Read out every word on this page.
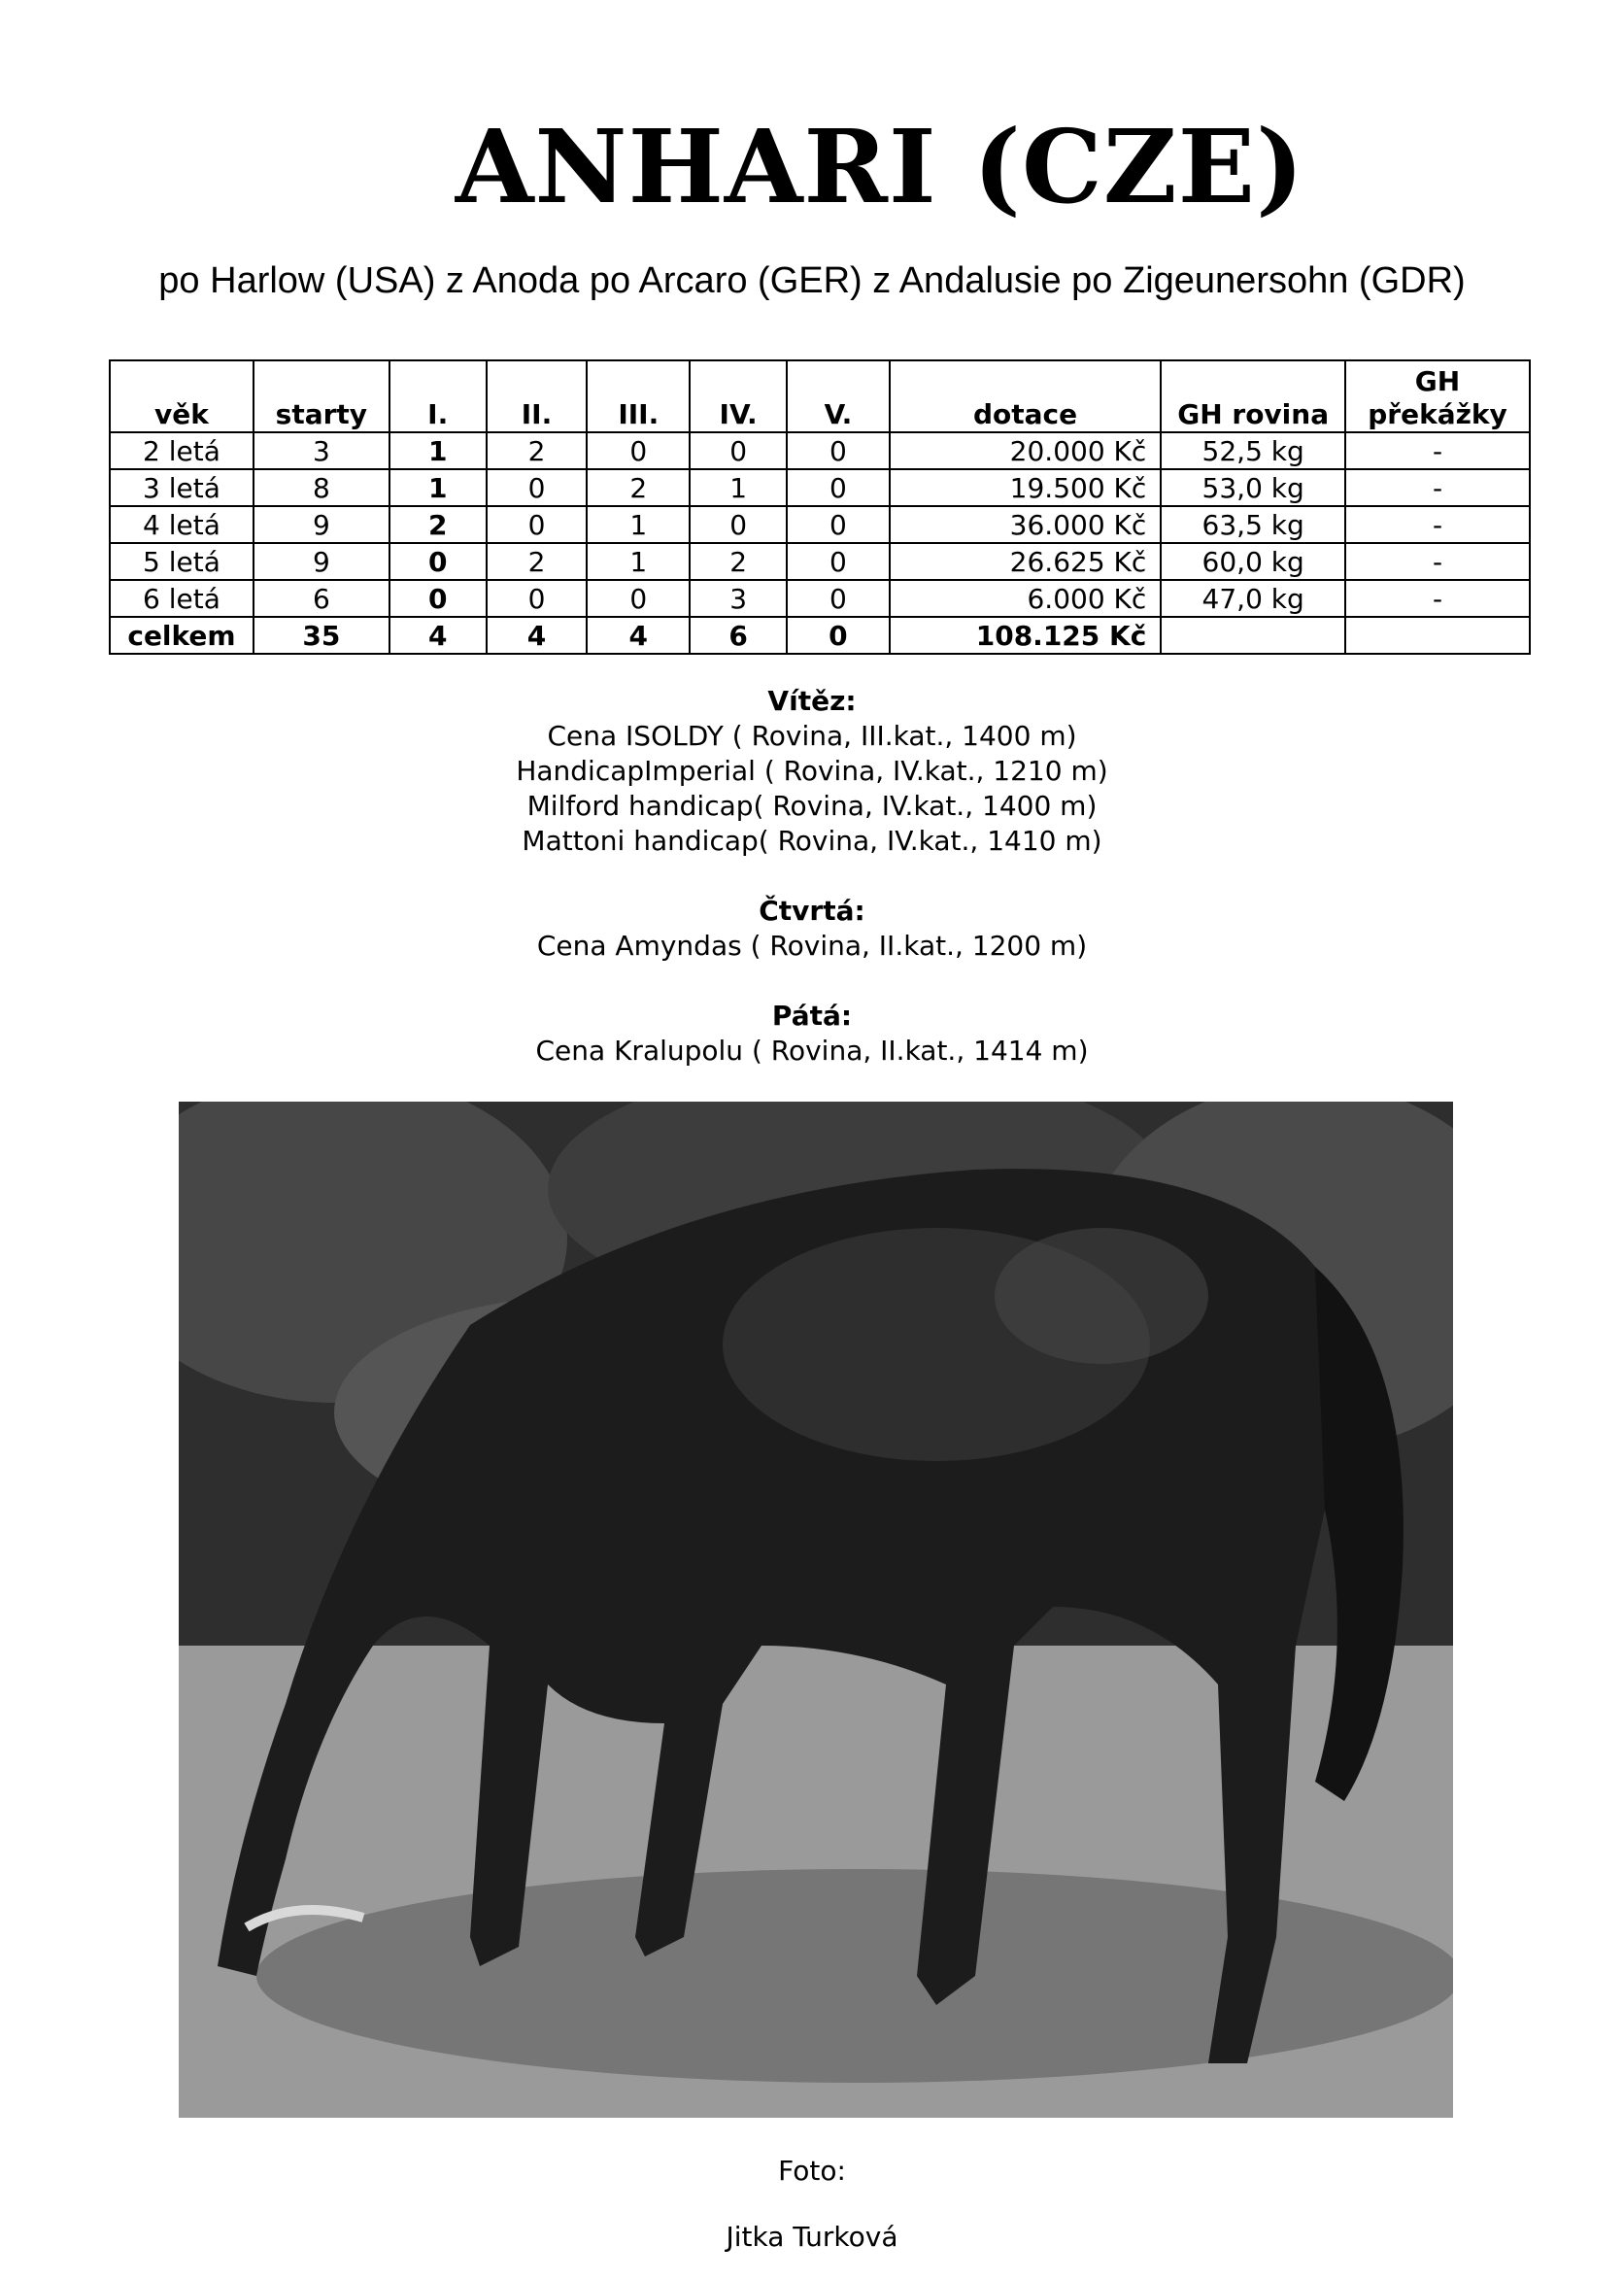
ANHARI (CZE)
po Harlow (USA) z Anoda po Arcaro (GER) z Andalusie po Zigeunersohn (GDR)
věk	starty	I.	II.	III.	IV.	V.	dotace	GH rovina	GH překážky
2 letá	3	1	2	0	0	0	20.000 Kč	52,5 kg	-
3 letá	8	1	0	2	1	0	19.500 Kč	53,0 kg	-
4 letá	9	2	0	1	0	0	36.000 Kč	63,5 kg	-
5 letá	9	0	2	1	2	0	26.625 Kč	60,0 kg	-
6 letá	6	0	0	0	3	0	6.000 Kč	47,0 kg	-
celkem	35	4	4	4	6	0	108.125 Kč		
Vítěz:
Cena ISOLDY ( Rovina, III.kat., 1400 m)
HandicapImperial ( Rovina, IV.kat., 1210 m)
Milford handicap( Rovina, IV.kat., 1400 m)
Mattoni handicap( Rovina, IV.kat., 1410 m)
Čtvrtá:
Cena Amyndas ( Rovina, II.kat., 1200 m)
Pátá:
Cena Kralupolu ( Rovina, II.kat., 1414 m)
Foto:
Jitka Turková
